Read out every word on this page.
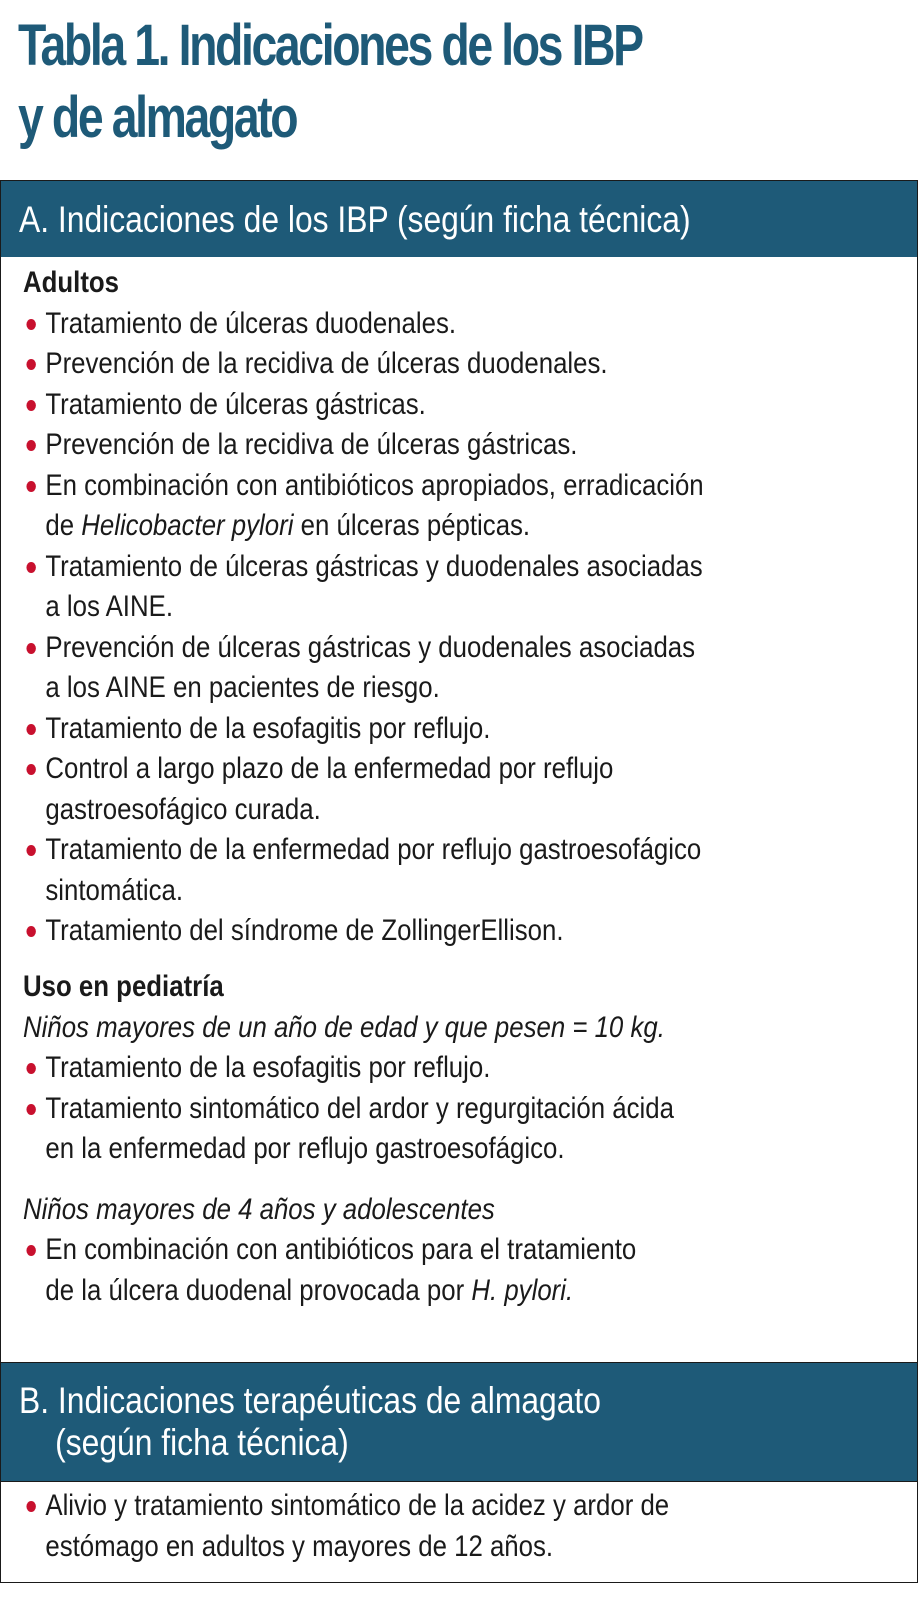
Tabla 1. Indicaciones de los IBP
y de almagato
A. Indicaciones de los IBP (según ficha técnica)
Adultos
Tratamiento de úlceras duodenales.
Prevención de la recidiva de úlceras duodenales.
Tratamiento de úlceras gástricas.
Prevención de la recidiva de úlceras gástricas.
En combinación con antibióticos apropiados, erradicación
de Helicobacter pylori en úlceras pépticas.
Tratamiento de úlceras gástricas y duodenales asociadas
a los AINE.
Prevención de úlceras gástricas y duodenales asociadas
a los AINE en pacientes de riesgo.
Tratamiento de la esofagitis por reflujo.
Control a largo plazo de la enfermedad por reflujo
gastroesofágico curada.
Tratamiento de la enfermedad por reflujo gastroesofágico
sintomática.
Tratamiento del síndrome de ZollingerEllison.
Uso en pediatría
Niños mayores de un año de edad y que pesen = 10 kg.
Tratamiento de la esofagitis por reflujo.
Tratamiento sintomático del ardor y regurgitación ácida
en la enfermedad por reflujo gastroesofágico.
Niños mayores de 4 años y adolescentes
En combinación con antibióticos para el tratamiento
de la úlcera duodenal provocada por H. pylori.
B. Indicaciones terapéuticas de almagato
(según ficha técnica)
Alivio y tratamiento sintomático de la acidez y ardor de
estómago en adultos y mayores de 12 años.
